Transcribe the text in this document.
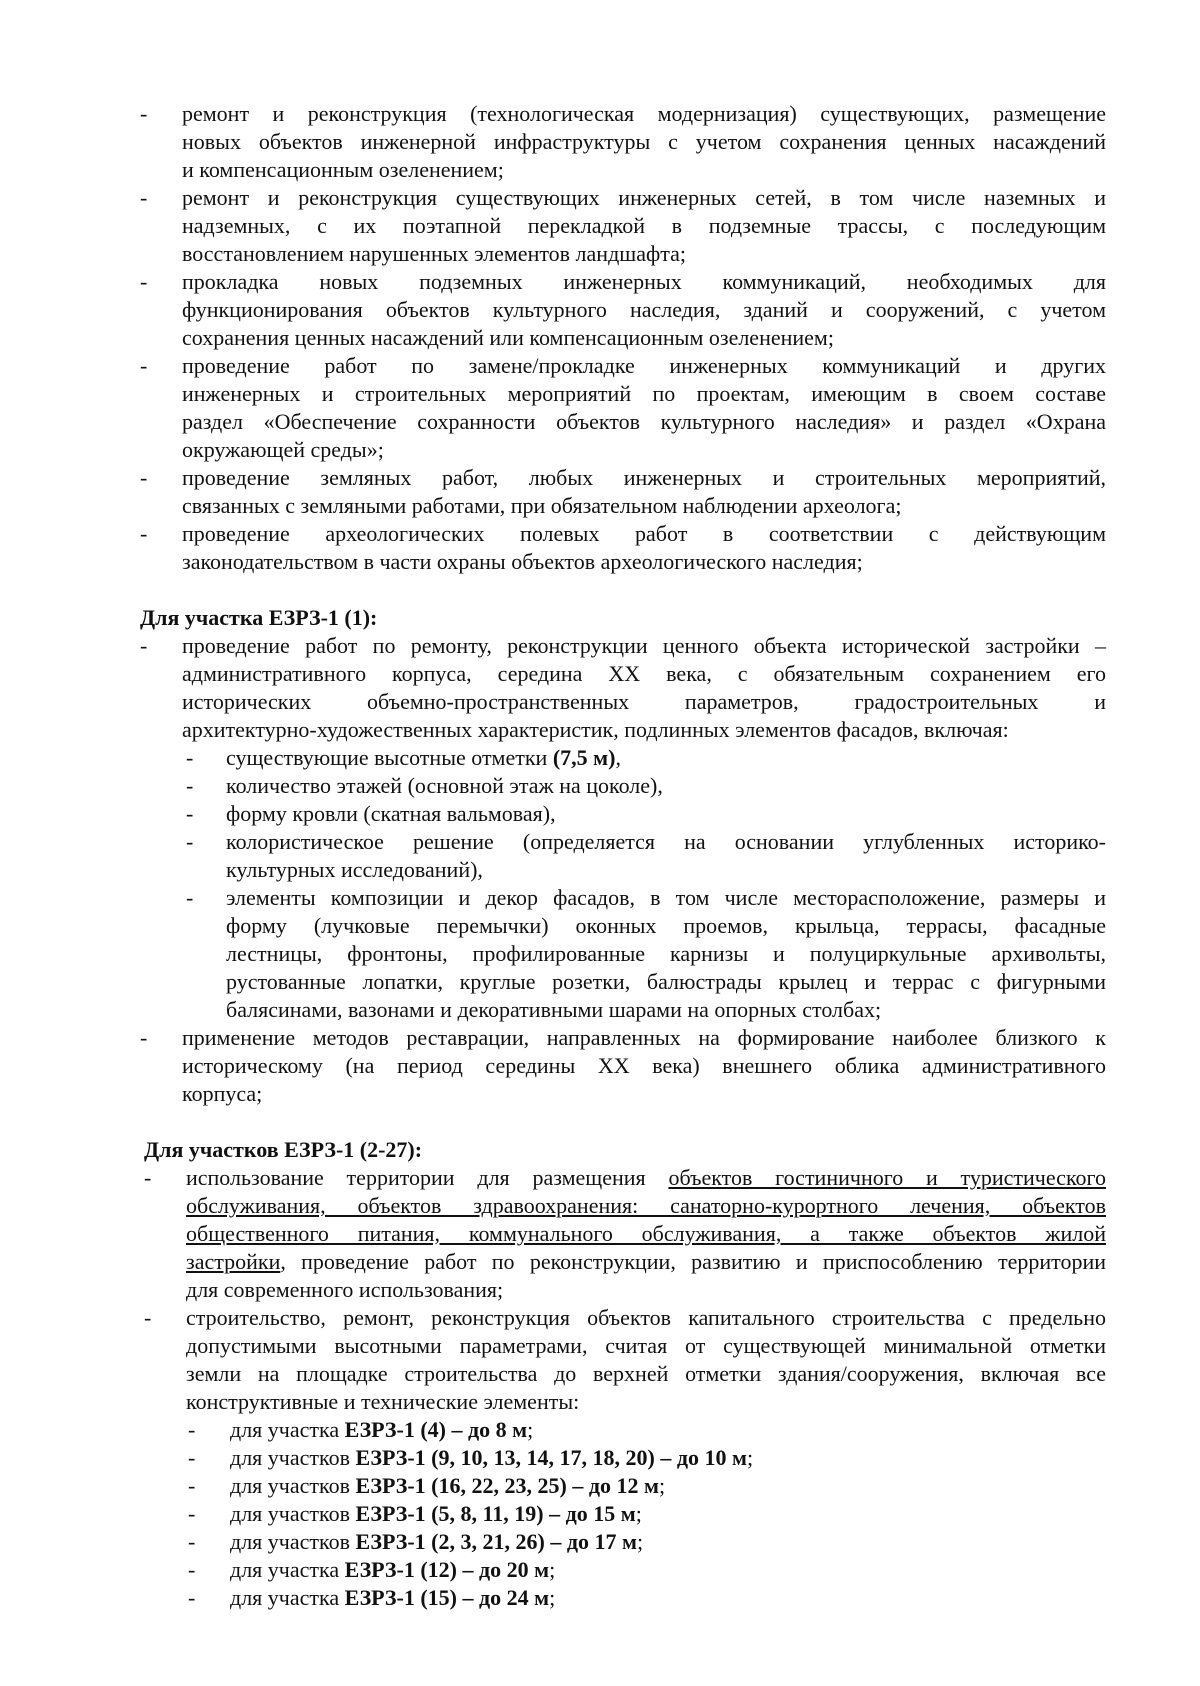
- ремонт и реконструкция (технологическая модернизация) существующих, размещение
новых объектов инженерной инфраструктуры с учетом сохранения ценных насаждений
и компенсационным озеленением;
- ремонт и реконструкция существующих инженерных сетей, в том числе наземных и
надземных, с их поэтапной перекладкой в подземные трассы, с последующим
восстановлением нарушенных элементов ландшафта;
- прокладка новых подземных инженерных коммуникаций, необходимых для
функционирования объектов культурного наследия, зданий и сооружений, с учетом
сохранения ценных насаждений или компенсационным озеленением;
- проведение работ по замене/прокладке инженерных коммуникаций и других
инженерных и строительных мероприятий по проектам, имеющим в своем составе
раздел «Обеспечение сохранности объектов культурного наследия» и раздел «Охрана
окружающей среды»;
- проведение земляных работ, любых инженерных и строительных мероприятий,
связанных с земляными работами, при обязательном наблюдении археолога;
- проведение археологических полевых работ в соответствии с действующим
законодательством в части охраны объектов археологического наследия;
Для участка ЕЗРЗ-1 (1):
- проведение работ по ремонту, реконструкции ценного объекта исторической застройки –
административного корпуса, середина XX века, с обязательным сохранением его
исторических объемно-пространственных параметров, градостроительных и
архитектурно-художественных характеристик, подлинных элементов фасадов, включая:
- существующие высотные отметки (7,5 м),
- количество этажей (основной этаж на цоколе),
- форму кровли (скатная вальмовая),
- колористическое решение (определяется на основании углубленных историко-
культурных исследований),
- элементы композиции и декор фасадов, в том числе месторасположение, размеры и
форму (лучковые перемычки) оконных проемов, крыльца, террасы, фасадные
лестницы, фронтоны, профилированные карнизы и полуциркульные архивольты,
рустованные лопатки, круглые розетки, балюстрады крылец и террас с фигурными
балясинами, вазонами и декоративными шарами на опорных столбах;
- применение методов реставрации, направленных на формирование наиболее близкого к
историческому (на период середины XX века) внешнего облика административного
корпуса;
Для участков ЕЗРЗ-1 (2-27):
- использование территории для размещения объектов гостиничного и туристического
обслуживания, объектов здравоохранения: санаторно-курортного лечения, объектов
общественного питания, коммунального обслуживания, а также объектов жилой
застройки, проведение работ по реконструкции, развитию и приспособлению территории
для современного использования;
- строительство, ремонт, реконструкция объектов капитального строительства с предельно
допустимыми высотными параметрами, считая от существующей минимальной отметки
земли на площадке строительства до верхней отметки здания/сооружения, включая все
конструктивные и технические элементы:
- для участка ЕЗРЗ-1 (4) – до 8 м;
- для участков ЕЗРЗ-1 (9, 10, 13, 14, 17, 18, 20) – до 10 м;
- для участков ЕЗРЗ-1 (16, 22, 23, 25) – до 12 м;
- для участков ЕЗРЗ-1 (5, 8, 11, 19) – до 15 м;
- для участков ЕЗРЗ-1 (2, 3, 21, 26) – до 17 м;
- для участка ЕЗРЗ-1 (12) – до 20 м;
- для участка ЕЗРЗ-1 (15) – до 24 м;
